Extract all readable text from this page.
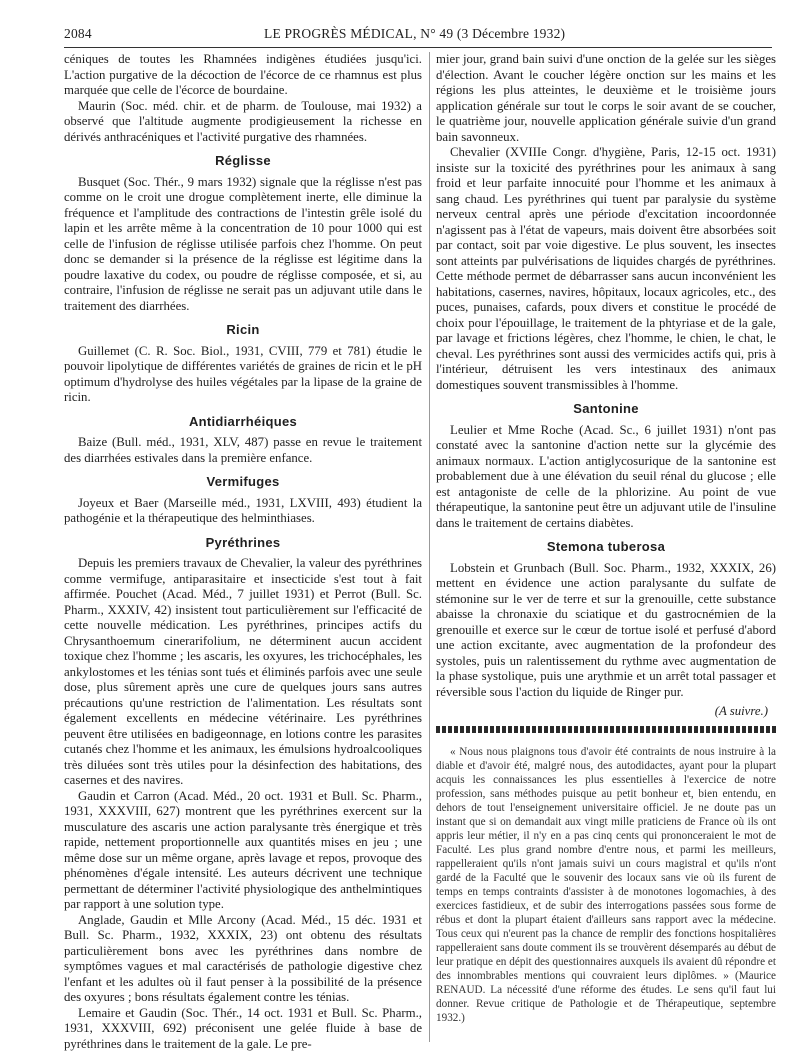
2084	LE PROGRÈS MÉDICAL, N° 49 (3 Décembre 1932)

céniques de toutes les Rhamnées indigènes étudiées jusqu'ici. L'action purgative de la décoction de l'écorce de ce rhamnus est plus marquée que celle de l'écorce de bourdaine.

Maurin (Soc. méd. chir. et de pharm. de Toulouse, mai 1932) a observé que l'altitude augmente prodigieusement la richesse en dérivés anthracéniques et l'activité purgative des rhamnées.

Réglisse

Busquet (Soc. Thér., 9 mars 1932) signale que la réglisse n'est pas comme on le croit une drogue complètement inerte, elle diminue la fréquence et l'amplitude des contractions de l'intestin grêle isolé du lapin et les arrête même à la concentration de 10 pour 1000 qui est celle de l'infusion de réglisse utilisée parfois chez l'homme. On peut donc se demander si la présence de la réglisse est légitime dans la poudre laxative du codex, ou poudre de réglisse composée, et si, au contraire, l'infusion de réglisse ne serait pas un adjuvant utile dans le traitement des diarrhées.

Ricin

Guillemet (C. R. Soc. Biol., 1931, CVIII, 779 et 781) étudie le pouvoir lipolytique de différentes variétés de graines de ricin et le pH optimum d'hydrolyse des huiles végétales par la lipase de la graine de ricin.

Antidiarrhéiques

Baize (Bull. méd., 1931, XLV, 487) passe en revue le traitement des diarrhées estivales dans la première enfance.

Vermifuges

Joyeux et Baer (Marseille méd., 1931, LXVIII, 493) étudient la pathogénie et la thérapeutique des helminthiases.

Pyréthrines

Depuis les premiers travaux de Chevalier, la valeur des pyréthrines comme vermifuge, antiparasitaire et insecticide s'est tout à fait affirmée. Pouchet (Acad. Méd., 7 juillet 1931) et Perrot (Bull. Sc. Pharm., XXXIV, 42) insistent tout particulièrement sur l'efficacité de cette nouvelle médication. Les pyréthrines, principes actifs du Chrysanthoemum cinerarifolium, ne déterminent aucun accident toxique chez l'homme ; les ascaris, les oxyures, les trichocéphales, les ankylostomes et les ténias sont tués et éliminés parfois avec une seule dose, plus sûrement après une cure de quelques jours sans autres précautions qu'une restriction de l'alimentation. Les résultats sont également excellents en médecine vétérinaire. Les pyréthrines peuvent être utilisées en badigeonnage, en lotions contre les parasites cutanés chez l'homme et les animaux, les émulsions hydroalcooliques très diluées sont très utiles pour la désinfection des habitations, des casernes et des navires.

Gaudin et Carron (Acad. Méd., 20 oct. 1931 et Bull. Sc. Pharm., 1931, XXXVIII, 627) montrent que les pyréthrines exercent sur la musculature des ascaris une action paralysante très énergique et très rapide, nettement proportionnelle aux quantités mises en jeu ; une même dose sur un même organe, après lavage et repos, provoque des phénomènes d'égale intensité. Les auteurs décrivent une technique permettant de déterminer l'activité physiologique des anthelmintiques par rapport à une solution type.

Anglade, Gaudin et Mlle Arcony (Acad. Méd., 15 déc. 1931 et Bull. Sc. Pharm., 1932, XXXIX, 23) ont obtenu des résultats particulièrement bons avec les pyréthrines dans nombre de symptômes vagues et mal caractérisés de pathologie digestive chez l'enfant et les adultes où il faut penser à la possibilité de la présence des oxyures ; bons résultats également contre les ténias.

Lemaire et Gaudin (Soc. Thér., 14 oct. 1931 et Bull. Sc. Pharm., 1931, XXXVIII, 692) préconisent une gelée fluide à base de pyréthrines dans le traitement de la gale. Le pre-

mier jour, grand bain suivi d'une onction de la gelée sur les sièges d'élection. Avant le coucher légère onction sur les mains et les régions les plus atteintes, le deuxième et le troisième jours application générale sur tout le corps le soir avant de se coucher, le quatrième jour, nouvelle application générale suivie d'un grand bain savonneux.

Chevalier (XVIIIe Congr. d'hygiène, Paris, 12-15 oct. 1931) insiste sur la toxicité des pyréthrines pour les animaux à sang froid et leur parfaite innocuité pour l'homme et les animaux à sang chaud. Les pyréthrines qui tuent par paralysie du système nerveux central après une période d'excitation incoordonnée n'agissent pas à l'état de vapeurs, mais doivent être absorbées soit par contact, soit par voie digestive. Le plus souvent, les insectes sont atteints par pulvérisations de liquides chargés de pyréthrines. Cette méthode permet de débarrasser sans aucun inconvénient les habitations, casernes, navires, hôpitaux, locaux agricoles, etc., des puces, punaises, cafards, poux divers et constitue le procédé de choix pour l'épouillage, le traitement de la phtyriase et de la gale, par lavage et frictions légères, chez l'homme, le chien, le chat, le cheval. Les pyréthrines sont aussi des vermicides actifs qui, pris à l'intérieur, détruisent les vers intestinaux des animaux domestiques souvent transmissibles à l'homme.

Santonine

Leulier et Mme Roche (Acad. Sc., 6 juillet 1931) n'ont pas constaté avec la santonine d'action nette sur la glycémie des animaux normaux. L'action antiglycosurique de la santonine est probablement due à une élévation du seuil rénal du glucose ; elle est antagoniste de celle de la phlorizine. Au point de vue thérapeutique, la santonine peut être un adjuvant utile de l'insuline dans le traitement de certains diabètes.

Stemona tuberosa

Lobstein et Grunbach (Bull. Soc. Pharm., 1932, XXXIX, 26) mettent en évidence une action paralysante du sulfate de stémonine sur le ver de terre et sur la grenouille, cette substance abaisse la chronaxie du sciatique et du gastrocnémien de la grenouille et exerce sur le cœur de tortue isolé et perfusé d'abord une action excitante, avec augmentation de la profondeur des systoles, puis un ralentissement du rythme avec augmentation de la phase systolique, puis une arythmie et un arrêt total passager et réversible sous l'action du liquide de Ringer pur.

(A suivre.)

« Nous nous plaignons tous d'avoir été contraints de nous instruire à la diable et d'avoir été, malgré nous, des autodidactes, ayant pour la plupart acquis les connaissances les plus essentielles à l'exercice de notre profession, sans méthodes puisque au petit bonheur et, bien entendu, en dehors de tout l'enseignement universitaire officiel. Je ne doute pas un instant que si on demandait aux vingt mille praticiens de France où ils ont appris leur métier, il n'y en a pas cinq cents qui prononceraient le mot de Faculté. Les plus grand nombre d'entre nous, et parmi les meilleurs, rappelleraient qu'ils n'ont jamais suivi un cours magistral et qu'ils n'ont gardé de la Faculté que le souvenir des locaux sans vie où ils furent de temps en temps contraints d'assister à de monotones logomachies, à des exercices fastidieux, et de subir des interrogations passées sous forme de rébus et dont la plupart étaient d'ailleurs sans rapport avec la médecine. Tous ceux qui n'eurent pas la chance de remplir des fonctions hospitalières rappelleraient sans doute comment ils se trouvèrent désemparés au début de leur pratique en dépit des questionnaires auxquels ils avaient dû répondre et des innombrables mentions qui couvraient leurs diplômes. » (Maurice RENAUD. La nécessité d'une réforme des études. Le sens qu'il faut lui donner. Revue critique de Pathologie et de Thérapeutique, septembre 1932.)
